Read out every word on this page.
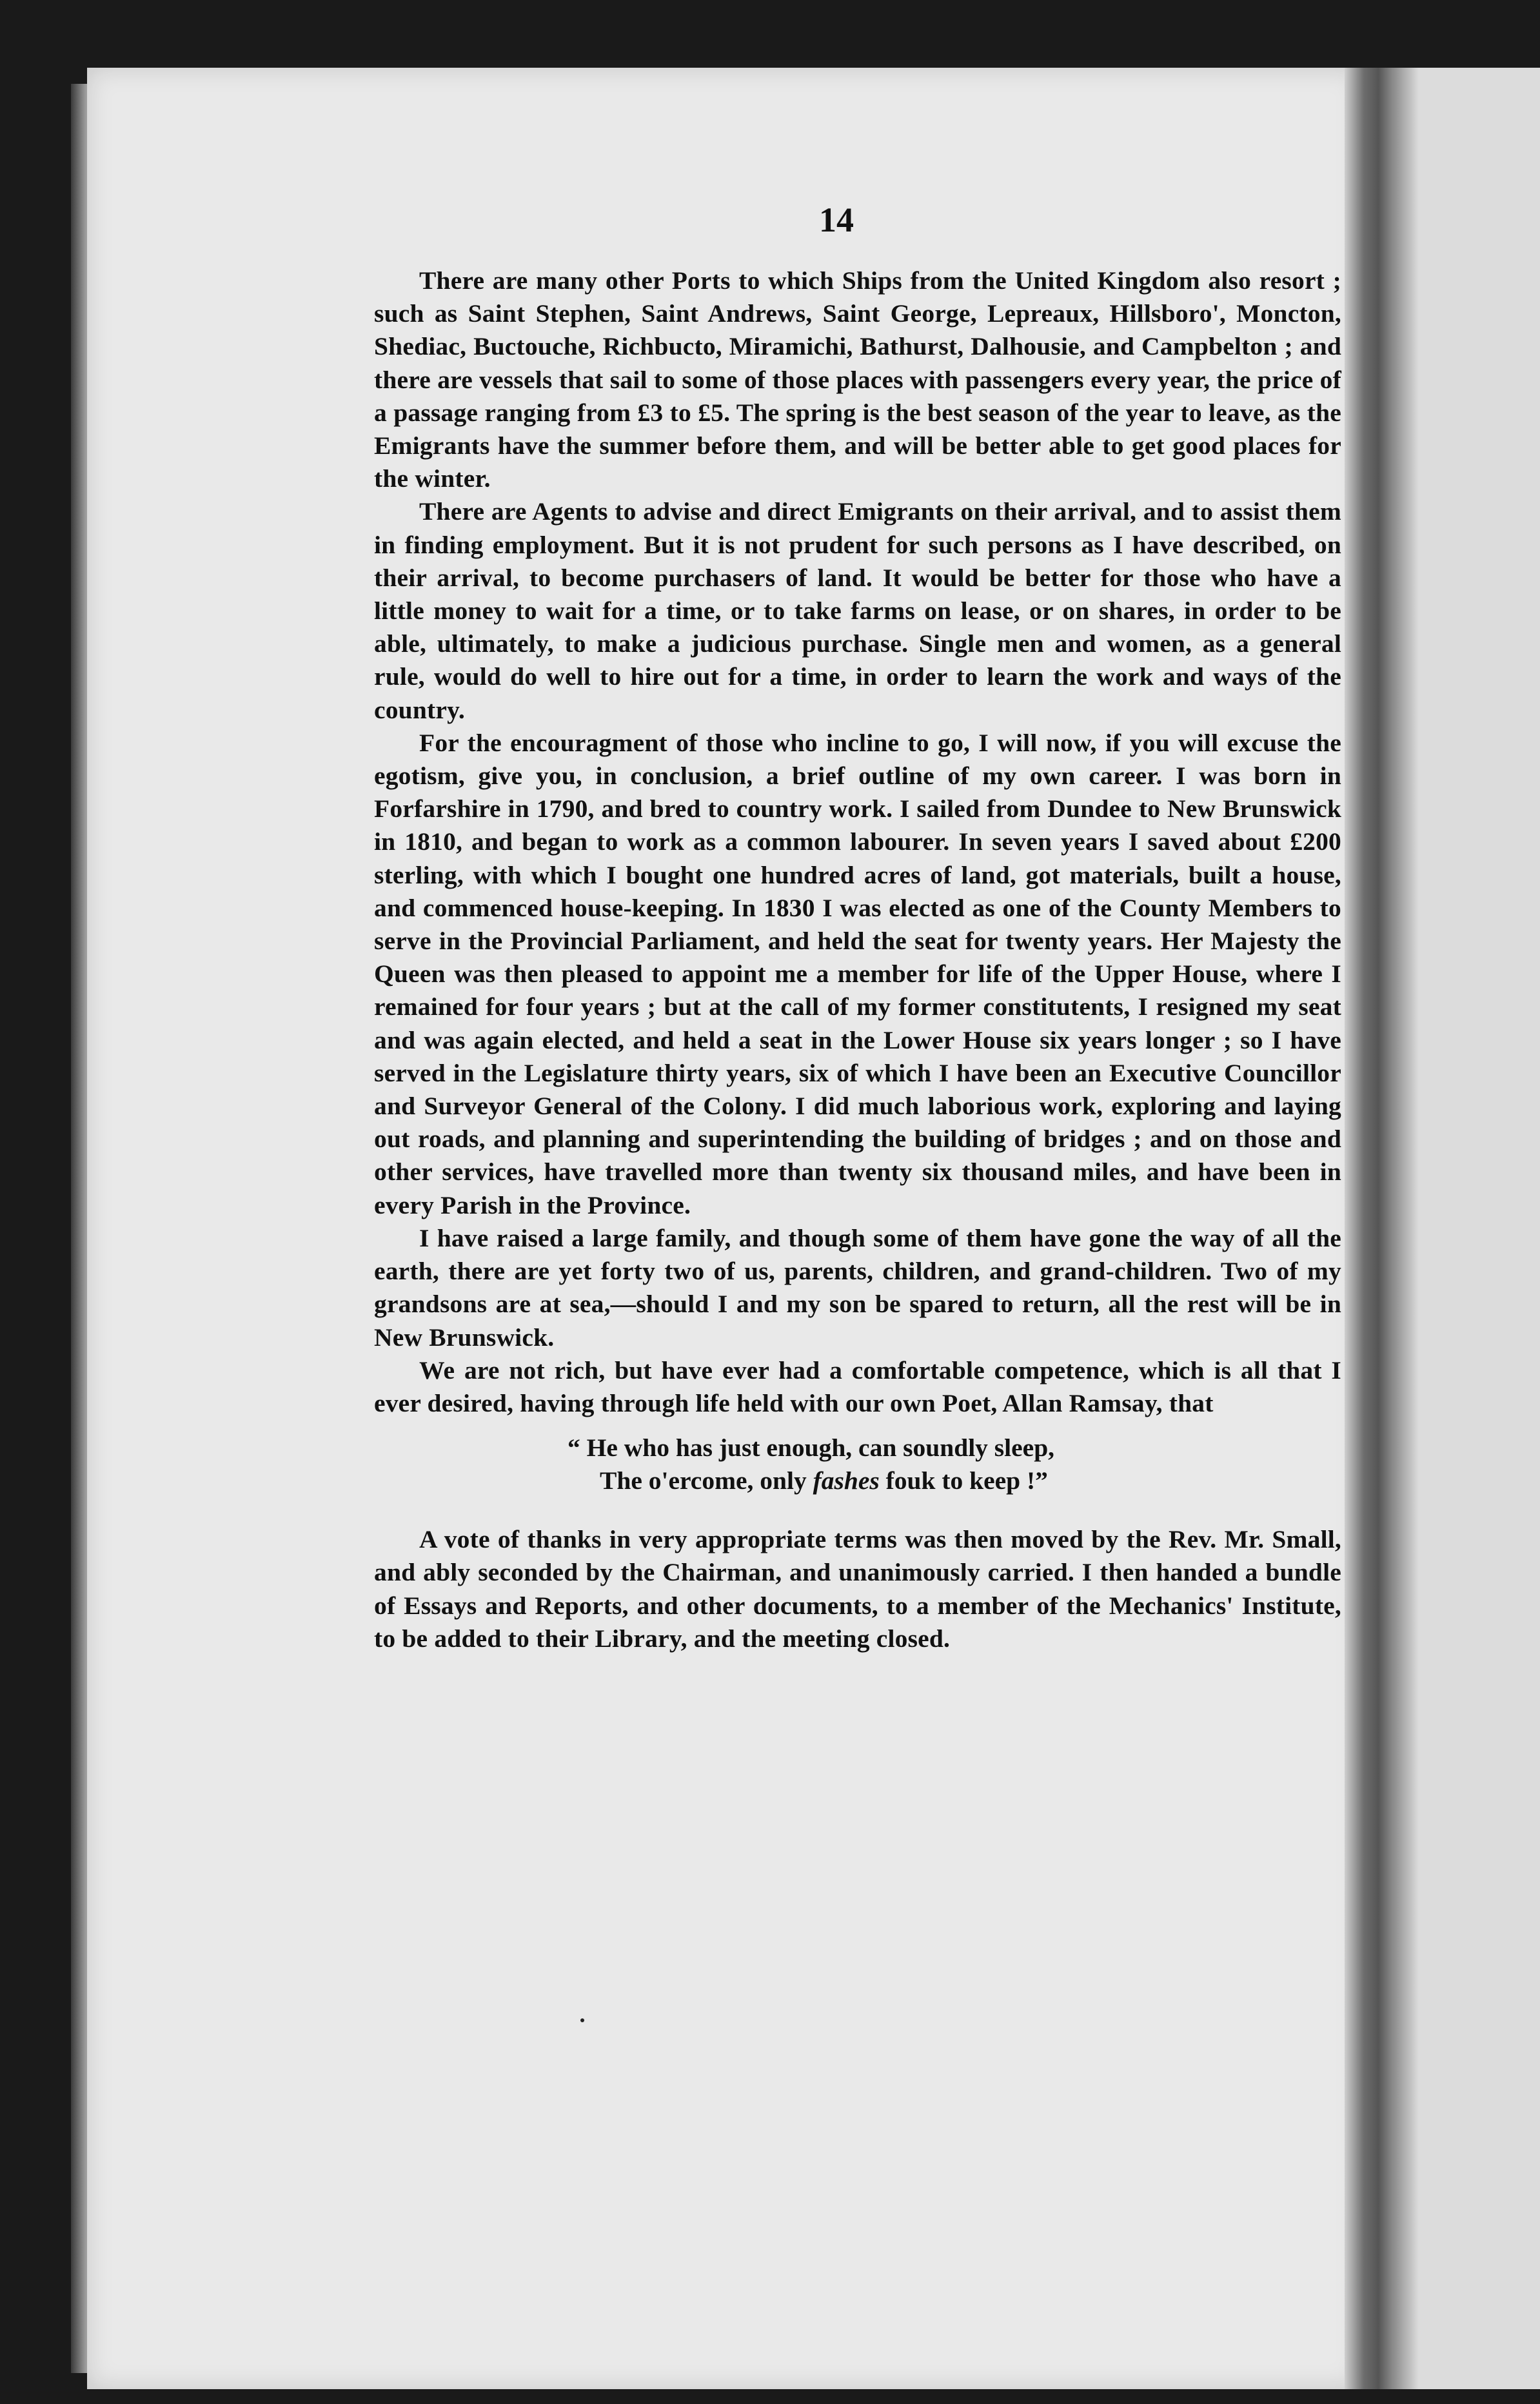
14

There are many other Ports to which Ships from the United Kingdom also resort ; such as Saint Stephen, Saint Andrews, Saint George, Lepreaux, Hillsboro', Moncton, Shediac, Buctouche, Richbucto, Miramichi, Bathurst, Dalhousie, and Campbelton ; and there are vessels that sail to some of those places with passengers every year, the price of a passage ranging from £3 to £5. The spring is the best season of the year to leave, as the Emigrants have the summer before them, and will be better able to get good places for the winter.

There are Agents to advise and direct Emigrants on their arrival, and to assist them in finding employment. But it is not prudent for such persons as I have described, on their arrival, to become purchasers of land. It would be better for those who have a little money to wait for a time, or to take farms on lease, or on shares, in order to be able, ultimately, to make a judicious purchase. Single men and women, as a general rule, would do well to hire out for a time, in order to learn the work and ways of the country.

For the encouragment of those who incline to go, I will now, if you will excuse the egotism, give you, in conclusion, a brief outline of my own career. I was born in Forfarshire in 1790, and bred to country work. I sailed from Dundee to New Brunswick in 1810, and began to work as a common labourer. In seven years I saved about £200 sterling, with which I bought one hundred acres of land, got materials, built a house, and commenced house-keeping. In 1830 I was elected as one of the County Members to serve in the Provincial Parliament, and held the seat for twenty years. Her Majesty the Queen was then pleased to appoint me a member for life of the Upper House, where I remained for four years ; but at the call of my former constitutents, I resigned my seat and was again elected, and held a seat in the Lower House six years longer ; so I have served in the Legislature thirty years, six of which I have been an Executive Councillor and Surveyor General of the Colony. I did much laborious work, exploring and laying out roads, and planning and superintending the building of bridges ; and on those and other services, have travelled more than twenty six thousand miles, and have been in every Parish in the Province.

I have raised a large family, and though some of them have gone the way of all the earth, there are yet forty two of us, parents, children, and grand-children. Two of my grandsons are at sea,—should I and my son be spared to return, all the rest will be in New Brunswick.

We are not rich, but have ever had a comfortable competence, which is all that I ever desired, having through life held with our own Poet, Allan Ramsay, that

“ He who has just enough, can soundly sleep,
The o'ercome, only fashes fouk to keep !”

A vote of thanks in very appropriate terms was then moved by the Rev. Mr. Small, and ably seconded by the Chairman, and unanimously carried. I then handed a bundle of Essays and Reports, and other documents, to a member of the Mechanics' Institute, to be added to their Library, and the meeting closed.
